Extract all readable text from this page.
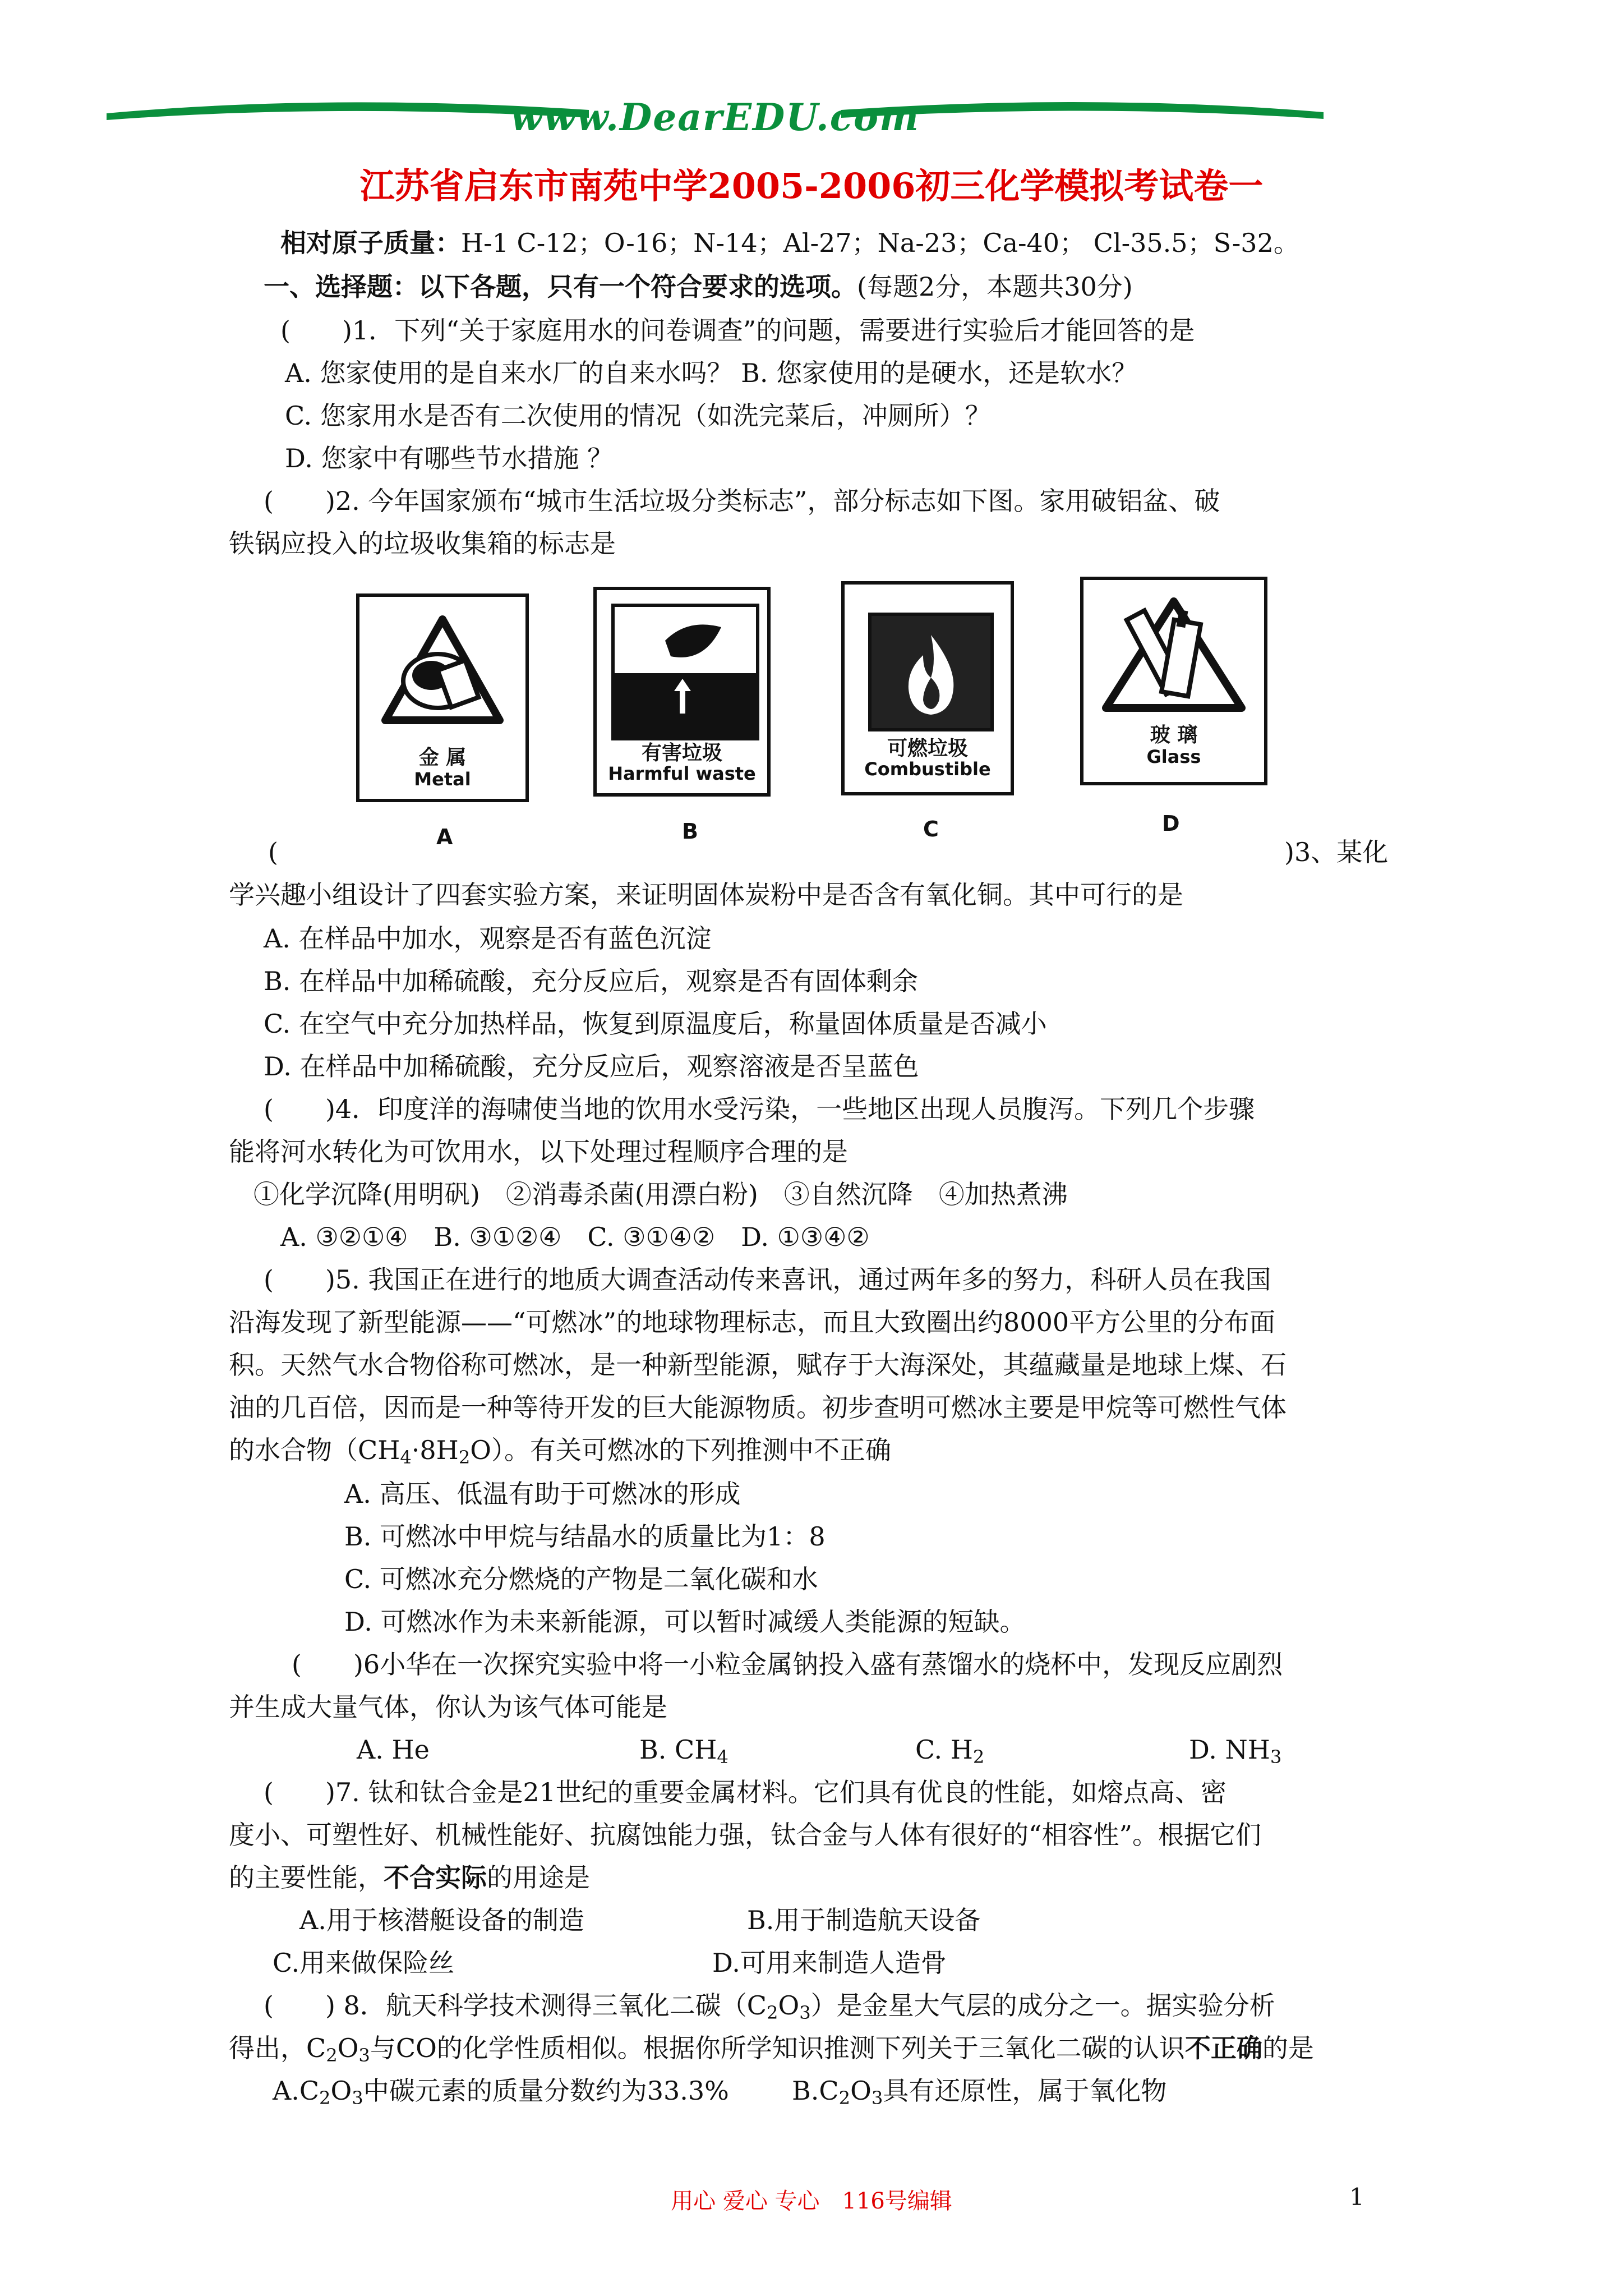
www.DearEDU.com
江苏省启东市南苑中学2005-2006初三化学模拟考试卷一
相对原子质量：H-1 C-12；O-16；N-14；Al-27；Na-23；Ca-40； Cl-35.5；S-32。
一、选择题：以下各题，只有一个符合要求的选项。(每题2分，本题共30分)
(　　)1．下列“关于家庭用水的问卷调查”的问题，需要进行实验后才能回答的是
A. 您家使用的是自来水厂的自来水吗？ B. 您家使用的是硬水，还是软水？
C. 您家用水是否有二次使用的情况（如洗完菜后，冲厕所）？
D. 您家中有哪些节水措施 ？
(　　)2. 今年国家颁布“城市生活垃圾分类标志”，部分标志如下图。家用破铝盆、破
铁锅应投入的垃圾收集箱的标志是
金 属
Metal
有害垃圾
Harmful waste
可燃垃圾
Combustible
玻 璃
Glass
A	B	C	D
(	)3、某化
学兴趣小组设计了四套实验方案，来证明固体炭粉中是否含有氧化铜。其中可行的是
A. 在样品中加水，观察是否有蓝色沉淀
B. 在样品中加稀硫酸，充分反应后，观察是否有固体剩余
C. 在空气中充分加热样品，恢复到原温度后，称量固体质量是否减小
D. 在样品中加稀硫酸，充分反应后，观察溶液是否呈蓝色
(　　)4．印度洋的海啸使当地的饮用水受污染，一些地区出现人员腹泻。下列几个步骤
能将河水转化为可饮用水，以下处理过程顺序合理的是
①化学沉降(用明矾)　②消毒杀菌(用漂白粉)　③自然沉降　④加热煮沸
A. ③②①④　B. ③①②④　C. ③①④②　D. ①③④②
(　　)5. 我国正在进行的地质大调查活动传来喜讯，通过两年多的努力，科研人员在我国
沿海发现了新型能源——“可燃冰”的地球物理标志，而且大致圈出约8000平方公里的分布面
积。天然气水合物俗称可燃冰，是一种新型能源，赋存于大海深处，其蕴藏量是地球上煤、石
油的几百倍，因而是一种等待开发的巨大能源物质。初步查明可燃冰主要是甲烷等可燃性气体
的水合物$(CH_4\cdot 8H_2O)$。有关可燃冰的下列推测中不正确
A. 高压、低温有助于可燃冰的形成
B. 可燃冰中甲烷与结晶水的质量比为1：8
C. 可燃冰充分燃烧的产物是二氧化碳和水
D. 可燃冰作为未来新能源，可以暂时减缓人类能源的短缺。
(　　)6小华在一次探究实验中将一小粒金属钠投入盛有蒸馏水的烧杯中，发现反应剧烈
并生成大量气体，你认为该气体可能是
A. He	B. $CH_4$	C. $H_2$	D. $NH_3$
(　　)7. 钛和钛合金是21世纪的重要金属材料。它们具有优良的性能，如熔点高、密
度小、可塑性好、机械性能好、抗腐蚀能力强，钛合金与人体有很好的“相容性”。根据它们
的主要性能，不合实际的用途是
A.用于核潜艇设备的制造	B.用于制造航天设备
C.用来做保险丝	D.可用来制造人造骨
(　　) 8．航天科学技术测得三氧化二碳$(C_2O_3)$是金星大气层的成分之一。据实验分析
得出，$C_2O_3$与CO的化学性质相似。根据你所学知识推测下列关于三氧化二碳的认识不正确的是
$A.C_2O_3$中碳元素的质量分数约为33.3% $B.C_2O_3$具有还原性，属于氧化物
用心 爱心 专心　116号编辑	1
